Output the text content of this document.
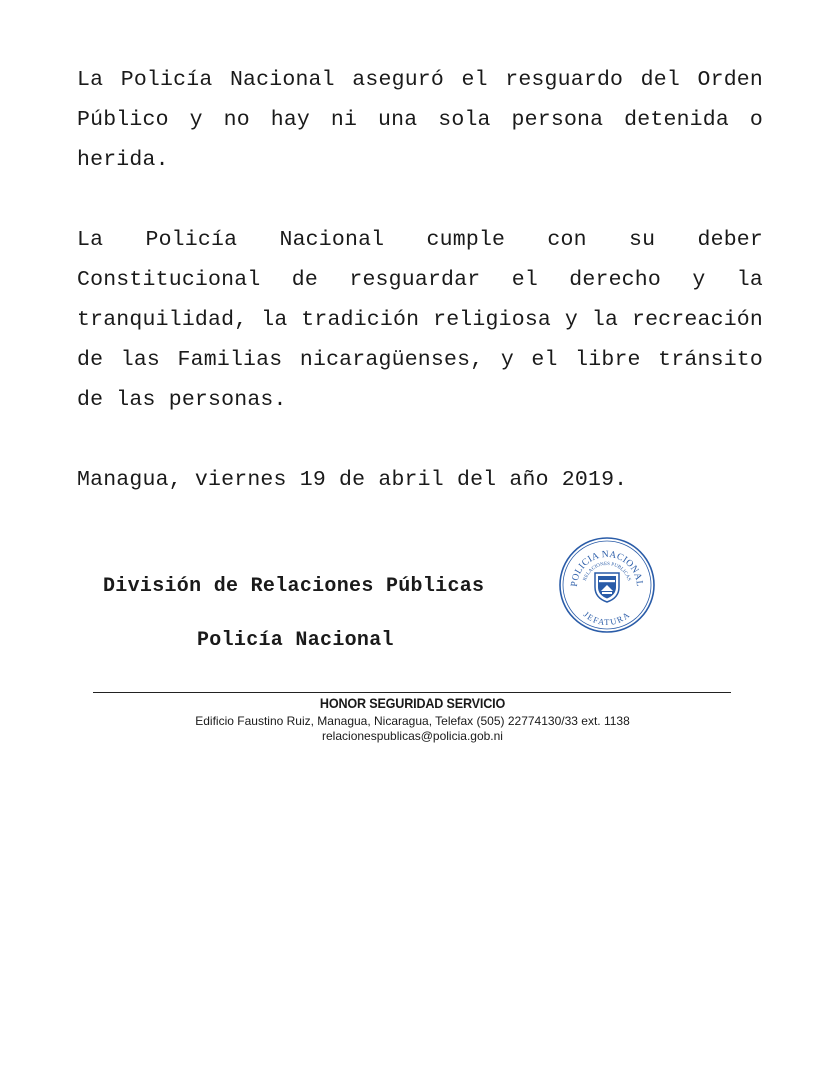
La Policía Nacional aseguró el resguardo del Orden Público y no hay ni una sola persona detenida o herida.

La Policía Nacional cumple con su deber Constitucional de resguardar el derecho y la tranquilidad, la tradición religiosa y la recreación de las Familias nicaragüenses, y el libre tránsito de las personas.

Managua, viernes 19 de abril del año 2019.

División de Relaciones Públicas

Policía Nacional

POLICIA NACIONAL
RELACIONES PUBLICAS
JEFATURA

HONOR SEGURIDAD SERVICIO

Edificio Faustino Ruiz, Managua, Nicaragua, Telefax (505) 22774130/33 ext. 1138

relacionespublicas@policia.gob.ni
